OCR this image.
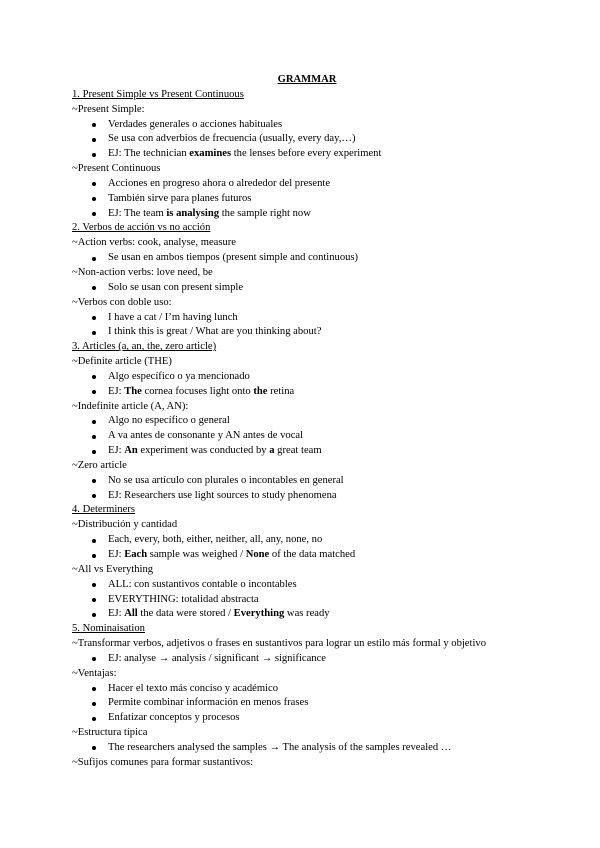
GRAMMAR

1. Present Simple vs Present Continuous

~Present Simple:

Verdades generales o acciones habituales
Se usa con adverbios de frecuencia (usually, every day,…)
EJ: The technician examines the lenses before every experiment

~Present Continuous

Acciones en progreso ahora o alrededor del presente
También sirve para planes futuros
EJ: The team is analysing the sample right now

2. Verbos de acción vs no acción

~Action verbs: cook, analyse, measure

Se usan en ambos tiempos (present simple and continuous)

~Non-action verbs: love need, be

Solo se usan con present simple

~Verbos con doble uso:

I have a cat / I’m having lunch
I think this is great / What are you thinking about?

3. Articles (a, an, the, zero article)

~Definite article (THE)

Algo específico o ya mencionado
EJ: The cornea focuses light onto the retina

~Indefinite article (A, AN):

Algo no específico o general
A va antes de consonante y AN antes de vocal
EJ: An experiment was conducted by a great team

~Zero article

No se usa artículo con plurales o incontables en general
EJ: Researchers use light sources to study phenomena

4. Determiners

~Distribución y cantidad

Each, every, both, either, neither, all, any, none, no
EJ: Each sample was weighed / None of the data matched

~All vs Everything

ALL: con sustantivos contable o incontables
EVERYTHING: totalidad abstracta
EJ: All the data were stored / Everything was ready

5. Nominaisation

~Transformar verbos, adjetivos o frases en sustantivos para lograr un estilo más formal y objetivo

EJ: analyse → analysis / significant → significance

~Ventajas:

Hacer el texto más conciso y académico
Permite combinar información en menos frases
Enfatizar conceptos y procesos

~Estructura típica

The researchers analysed the samples → The analysis of the samples revealed …

~Sufijos comunes para formar sustantivos:
